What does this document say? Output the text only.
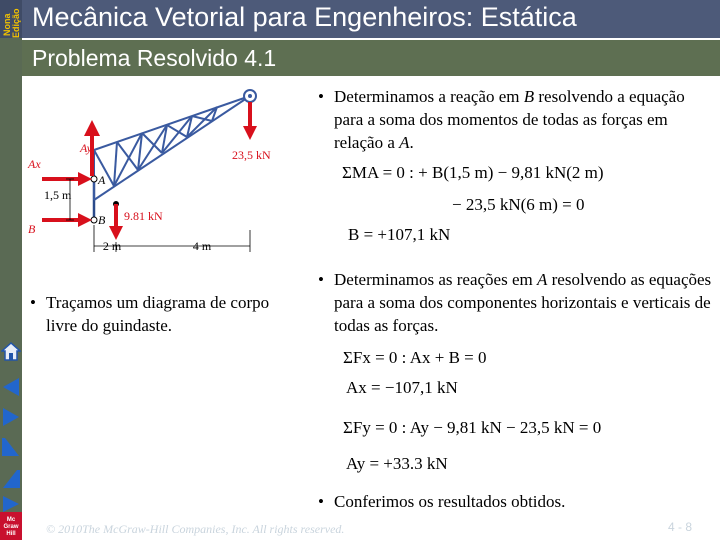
Nona Edição Mecânica Vetorial para Engenheiros: Estática
Problema Resolvido 4.1
Mc
Graw
Hill
Ay
Ax
B
A
B
23,5 kN
9.81 kN
1,5 m
2 m	4 m
• Traçamos um diagrama de corpo livre do guindaste.
• Determinamos a reação em B resolvendo a equação para a soma dos momentos de todas as forças em relação a A.
ΣMA = 0 : + B(1,5 m) − 9,81 kN(2 m)
− 23,5 kN(6 m) = 0
B = +107,1 kN
• Determinamos as reações em A resolvendo as equações para a soma dos componentes horizontais e verticais de todas as forças.
ΣFx = 0 : Ax + B = 0
Ax = −107,1 kN
ΣFy = 0 : Ay − 9,81 kN − 23,5 kN = 0
Ay = +33.3 kN
• Conferimos os resultados obtidos.
© 2010The McGraw-Hill Companies, Inc. All rights reserved.	4 - 8
